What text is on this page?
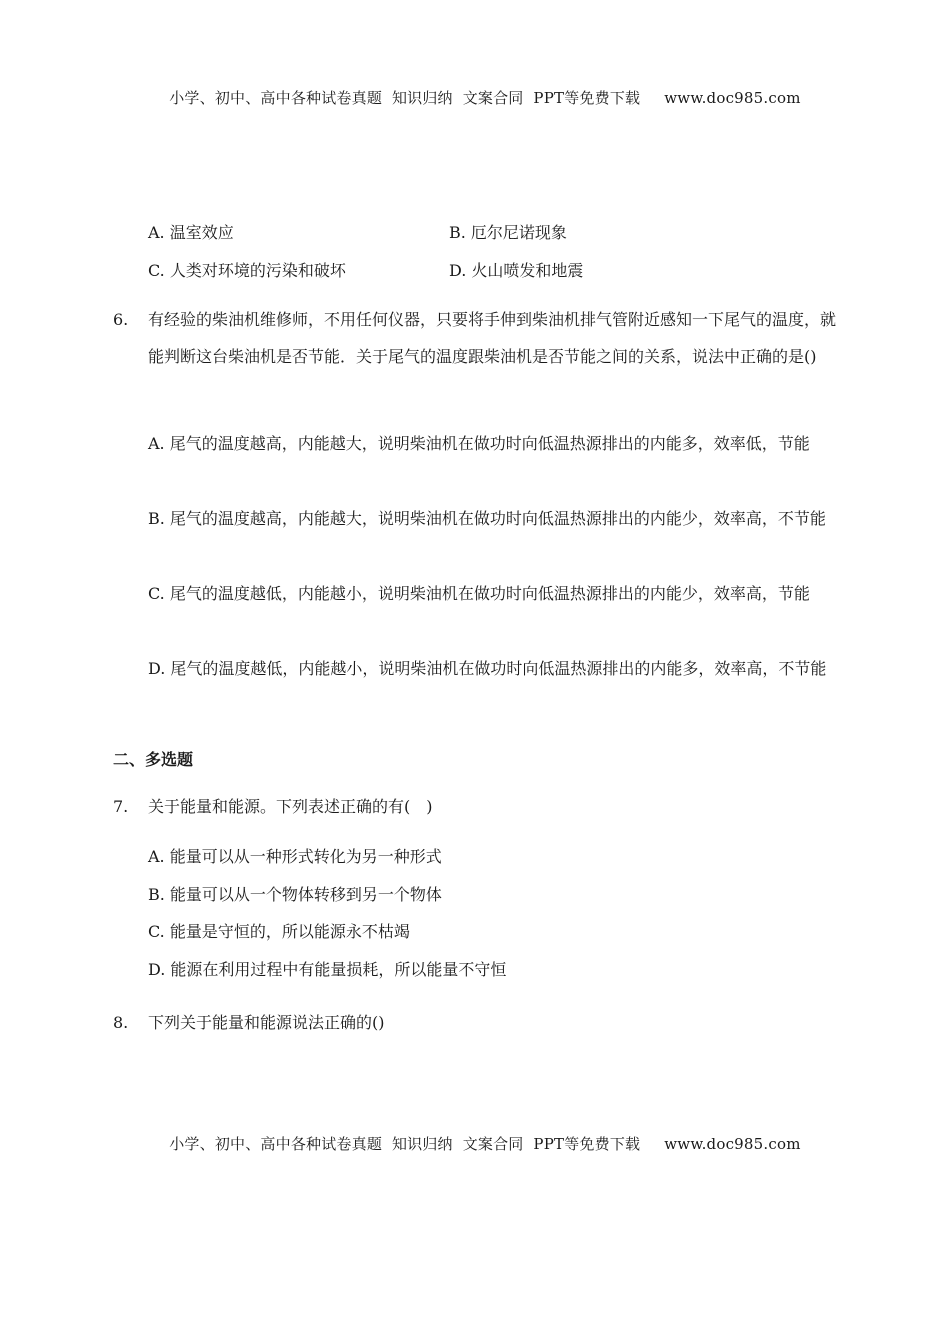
小学、初中、高中各种试卷真题  知识归纳  文案合同  PPT等免费下载 www.doc985.com

A. 温室效应	B. 厄尔尼诺现象
C. 人类对环境的污染和破坏	D. 火山喷发和地震
6. 有经验的柴油机维修师，不用任何仪器，只要将手伸到柴油机排气管附近感知一下尾气的温度，就能判断这台柴油机是否节能．关于尾气的温度跟柴油机是否节能之间的关系，说法中正确的是()
A. 尾气的温度越高，内能越大，说明柴油机在做功时向低温热源排出的内能多，效率低，节能
B. 尾气的温度越高，内能越大，说明柴油机在做功时向低温热源排出的内能少，效率高，不节能
C. 尾气的温度越低，内能越小，说明柴油机在做功时向低温热源排出的内能少，效率高，节能
D. 尾气的温度越低，内能越小，说明柴油机在做功时向低温热源排出的内能多，效率高，不节能
二、多选题
7. 关于能量和能源。下列表述正确的有(　)
A. 能量可以从一种形式转化为另一种形式
B. 能量可以从一个物体转移到另一个物体
C. 能量是守恒的，所以能源永不枯竭
D. 能源在利用过程中有能量损耗，所以能量不守恒
8. 下列关于能量和能源说法正确的()

小学、初中、高中各种试卷真题  知识归纳  文案合同  PPT等免费下载 www.doc985.com
